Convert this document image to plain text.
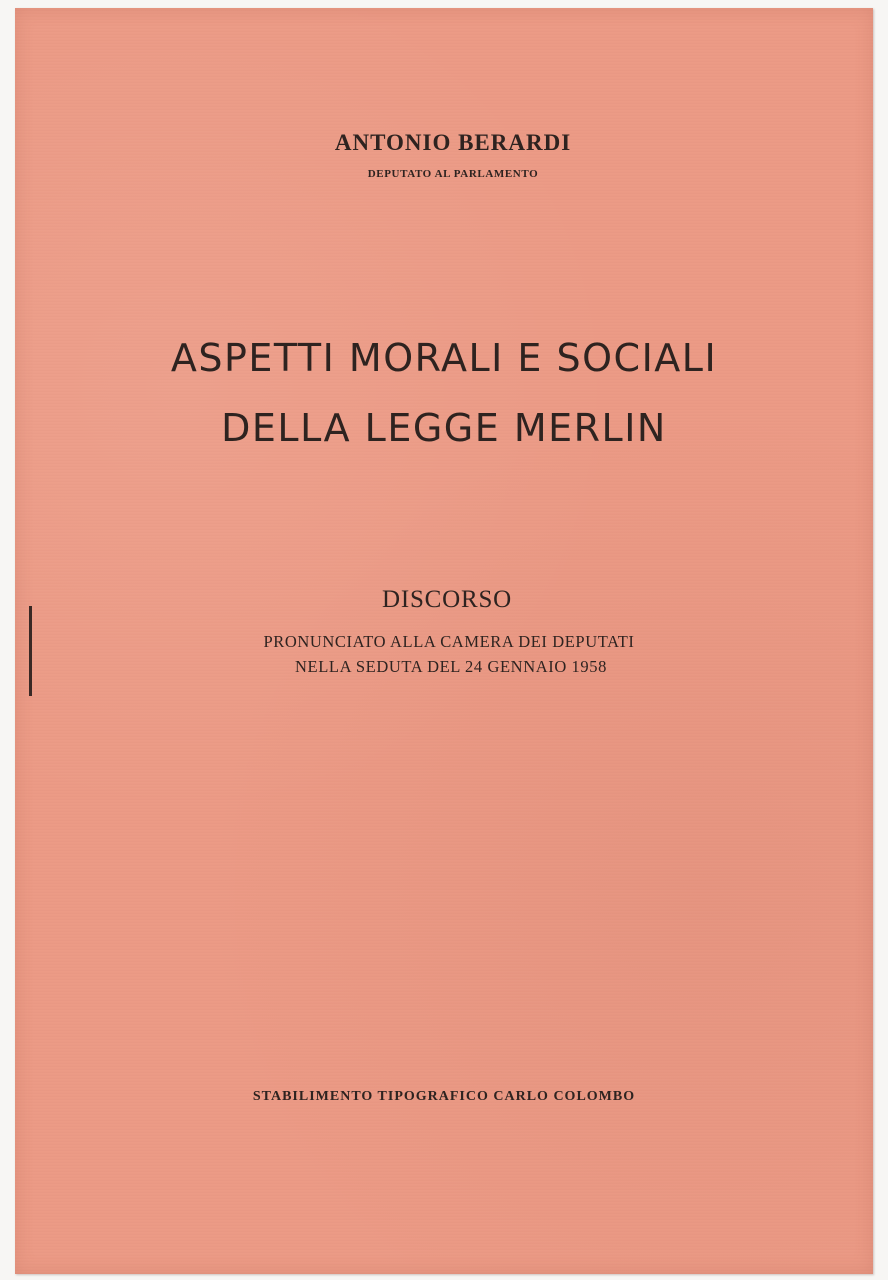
ANTONIO BERARDI

DEPUTATO AL PARLAMENTO

ASPETTI MORALI E SOCIALI
DELLA LEGGE MERLIN

DISCORSO

PRONUNCIATO ALLA CAMERA DEI DEPUTATI

NELLA SEDUTA DEL 24 GENNAIO 1958

STABILIMENTO TIPOGRAFICO CARLO COLOMBO
